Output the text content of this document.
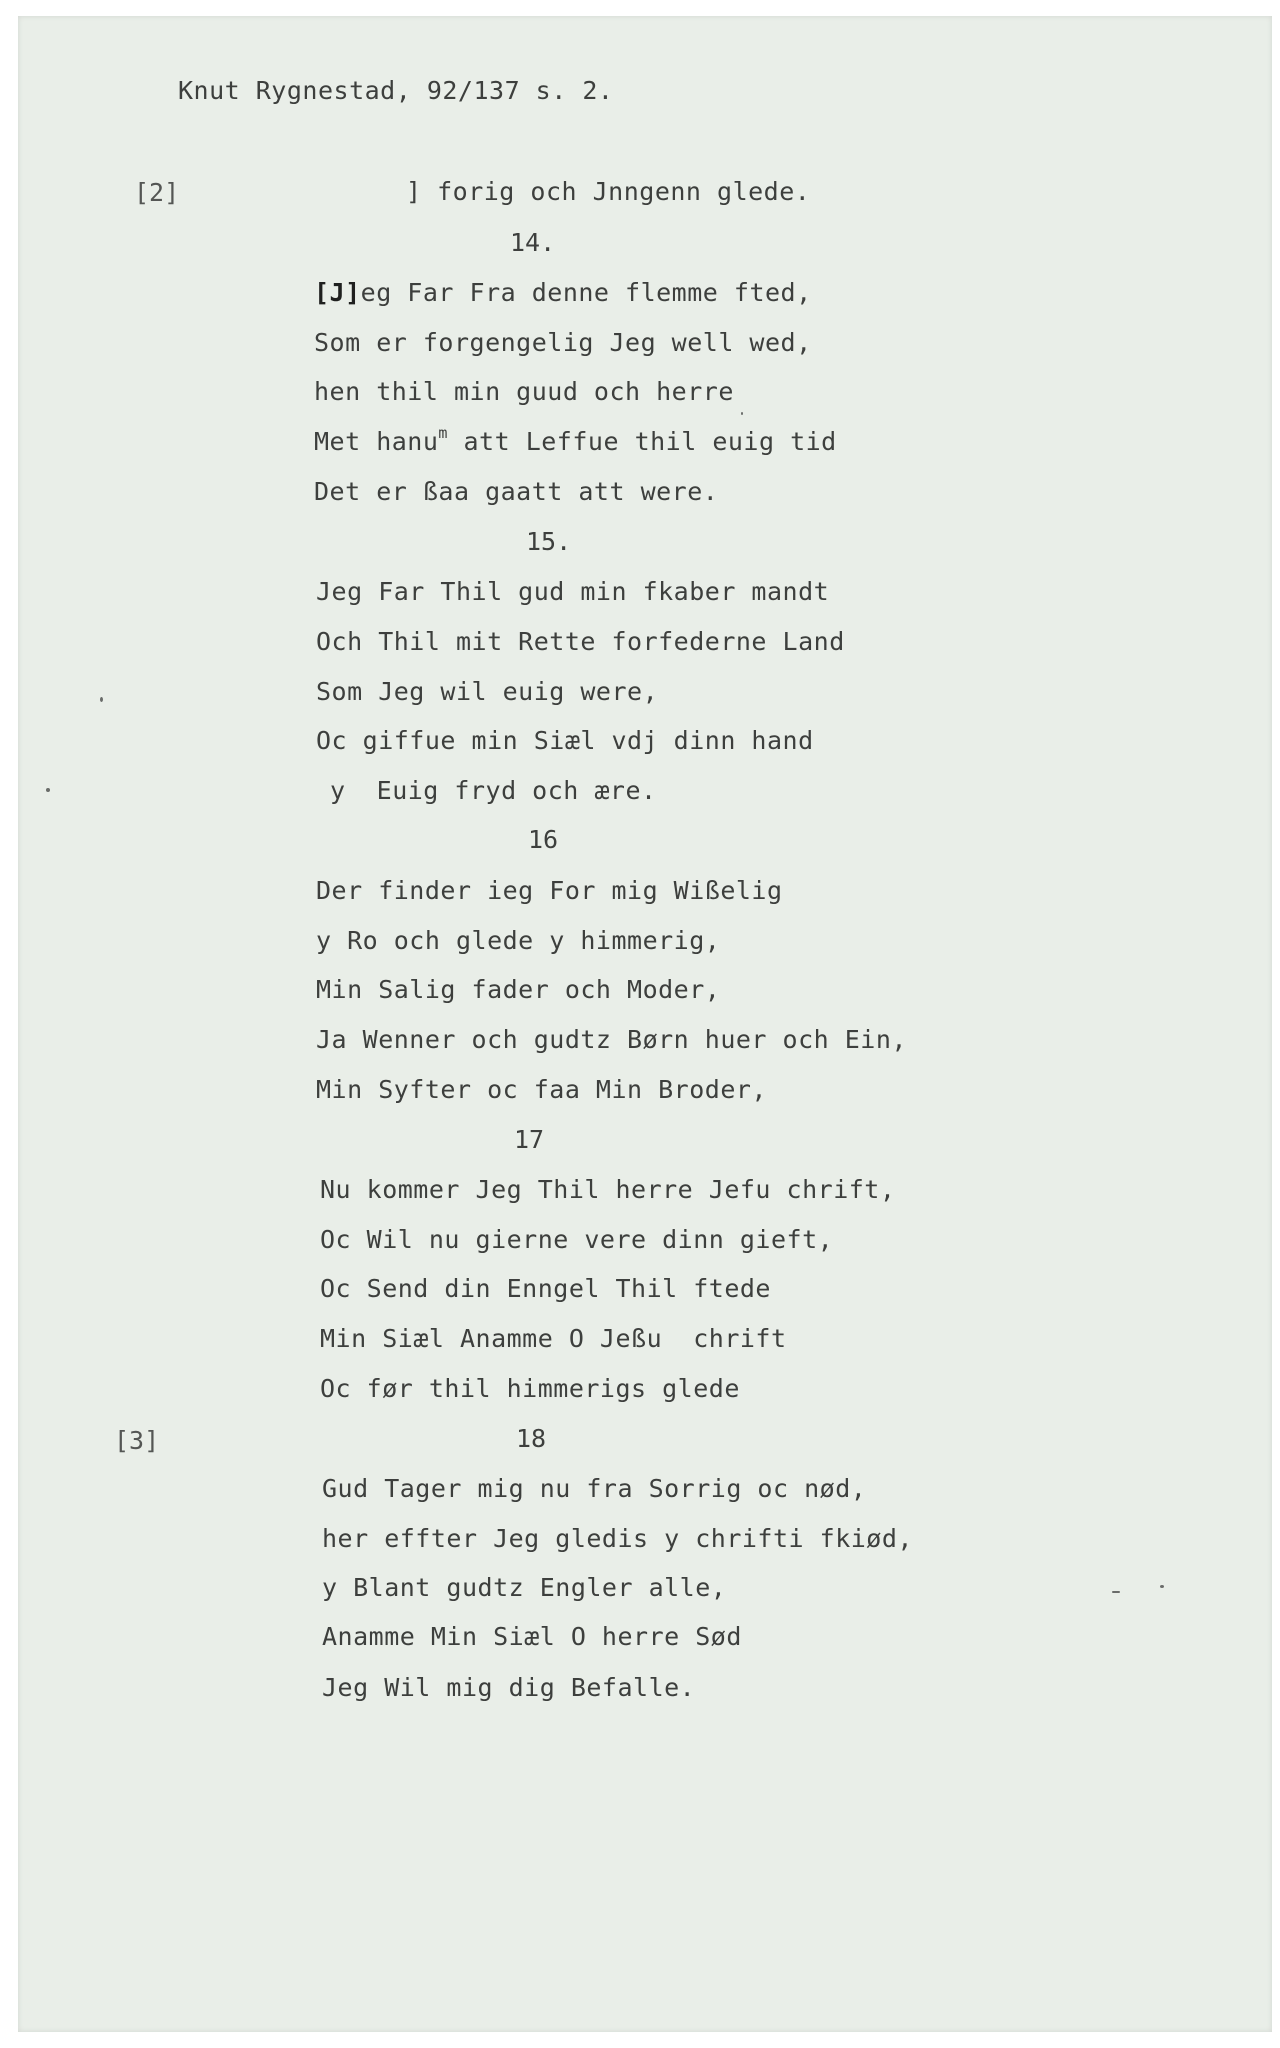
Knut Rygnestad, 92/137 s. 2.
[2]
[3]
] forig och Jnngenn glede.
14.
[J]eg Far Fra denne flemme fted,
Som er forgengelig Jeg well wed,
hen thil min guud och herre
Met hanu$^m$ att Leffue thil euig tid
Det er ßaa gaatt att were.
15.
Jeg Far Thil gud min fkaber mandt
Och Thil mit Rette forfederne Land
Som Jeg wil euig were,
Oc giffue min Siæl vdj dinn hand
y  Euig fryd och ære.
16
Der finder ieg For mig Wißelig
y Ro och glede y himmerig,
Min Salig fader och Moder,
Ja Wenner och gudtz Børn huer och Ein,
Min Syfter oc faa Min Broder,
17
Nu kommer Jeg Thil herre Jefu chrift,
Oc Wil nu gierne vere dinn gieft,
Oc Send din Enngel Thil ftede
Min Siæl Anamme O Jeßu  chrift
Oc før thil himmerigs glede
18
Gud Tager mig nu fra Sorrig oc nød,
her effter Jeg gledis y chrifti fkiød,
y Blant gudtz Engler alle,
Anamme Min Siæl O herre Sød
Jeg Wil mig dig Befalle.
